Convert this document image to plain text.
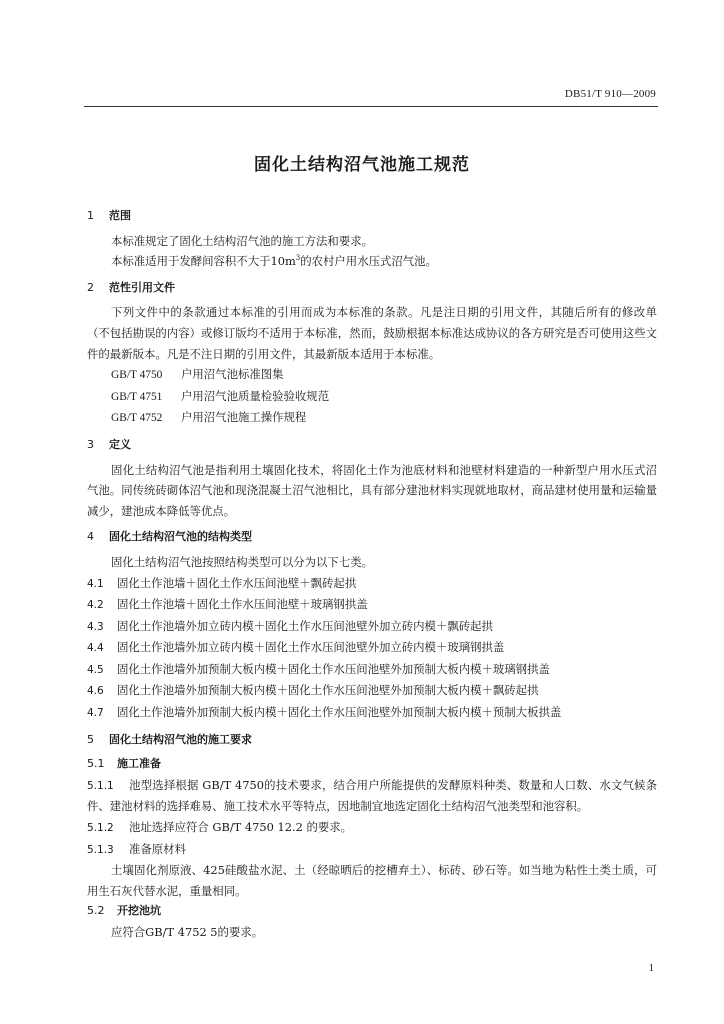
DB51/T 910—2009
固化土结构沼气池施工规范
1 范围
本标准规定了固化土结构沼气池的施工方法和要求。
本标准适用于发酵间容积不大于$10m^3$的农村户用水压式沼气池。
2 范性引用文件
下列文件中的条款通过本标准的引用而成为本标准的条款。凡是注日期的引用文件，其随后所有的修改单（不包括勘误的内容）或修订版均不适用于本标准，然而，鼓励根据本标准达成协议的各方研究是否可使用这些文件的最新版本。凡是不注日期的引用文件，其最新版本适用于本标准。
GB/T 4750 户用沼气池标准图集
GB/T 4751 户用沼气池质量检验验收规范
GB/T 4752 户用沼气池施工操作规程
3 定义
固化土结构沼气池是指利用土壤固化技术，将固化土作为池底材料和池壁材料建造的一种新型户用水压式沼气池。同传统砖砌体沼气池和现浇混凝土沼气池相比，具有部分建池材料实现就地取材，商品建材使用量和运输量减少，建池成本降低等优点。
4 固化土结构沼气池的结构类型
固化土结构沼气池按照结构类型可以分为以下七类。
4.1 固化土作池墙＋固化土作水压间池壁＋飘砖起拱
4.2 固化土作池墙＋固化土作水压间池壁＋玻璃钢拱盖
4.3 固化土作池墙外加立砖内模＋固化土作水压间池壁外加立砖内模＋飘砖起拱
4.4 固化土作池墙外加立砖内模＋固化土作水压间池壁外加立砖内模＋玻璃钢拱盖
4.5 固化土作池墙外加预制大板内模＋固化土作水压间池壁外加预制大板内模＋玻璃钢拱盖
4.6 固化土作池墙外加预制大板内模＋固化土作水压间池壁外加预制大板内模＋飘砖起拱
4.7 固化土作池墙外加预制大板内模＋固化土作水压间池壁外加预制大板内模＋预制大板拱盖
5 固化土结构沼气池的施工要求
5.1 施工准备
5.1.1 池型选择根据 GB/T 4750的技术要求，结合用户所能提供的发酵原料种类、数量和人口数、水文气候条件、建池材料的选择难易、施工技术水平等特点，因地制宜地选定固化土结构沼气池类型和池容积。
5.1.2 池址选择应符合 GB/T 4750 12.2 的要求。
5.1.3 准备原材料
土壤固化剂原液、425硅酸盐水泥、土（经晾晒后的挖槽弃土）、标砖、砂石等。如当地为粘性土类土质，可用生石灰代替水泥，重量相同。
5.2 开挖池坑
应符合GB/T 4752 5的要求。
1
